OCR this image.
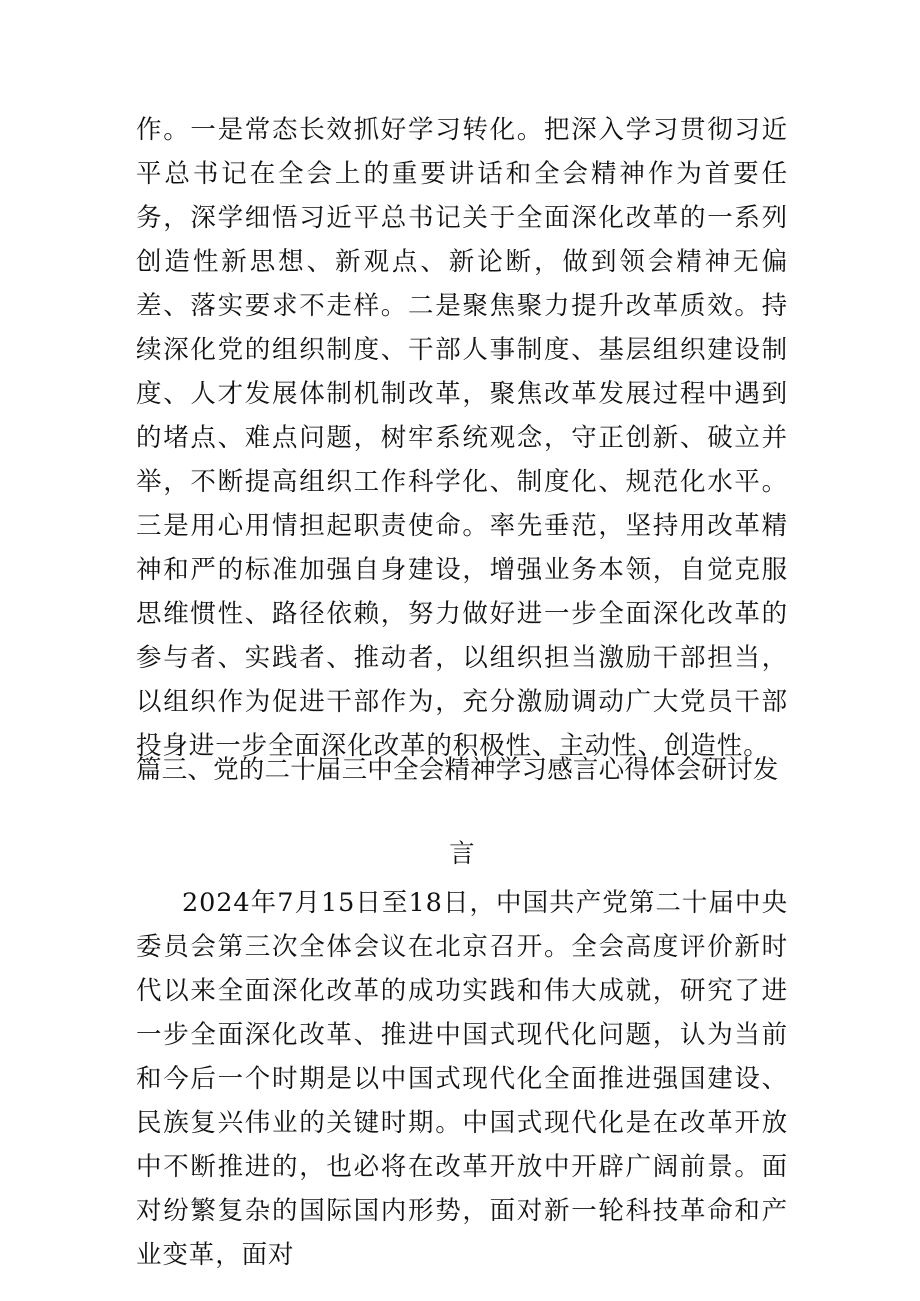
作。一是常态长效抓好学习转化。把深入学习贯彻习近平总书记在全会上的重要讲话和全会精神作为首要任务，深学细悟习近平总书记关于全面深化改革的一系列创造性新思想、新观点、新论断，做到领会精神无偏差、落实要求不走样。二是聚焦聚力提升改革质效。持续深化党的组织制度、干部人事制度、基层组织建设制度、人才发展体制机制改革，聚焦改革发展过程中遇到的堵点、难点问题，树牢系统观念，守正创新、破立并举，不断提高组织工作科学化、制度化、规范化水平。三是用心用情担起职责使命。率先垂范，坚持用改革精神和严的标准加强自身建设，增强业务本领，自觉克服思维惯性、路径依赖，努力做好进一步全面深化改革的参与者、实践者、推动者，以组织担当激励干部担当，以组织作为促进干部作为，充分激励调动广大党员干部投身进一步全面深化改革的积极性、主动性、创造性。

篇三、党的二十届三中全会精神学习感言心得体会研讨发
言

2024年7月15日至18日，中国共产党第二十届中央委员会第三次全体会议在北京召开。全会高度评价新时代以来全面深化改革的成功实践和伟大成就，研究了进一步全面深化改革、推进中国式现代化问题，认为当前和今后一个时期是以中国式现代化全面推进强国建设、民族复兴伟业的关键时期。中国式现代化是在改革开放中不断推进的，也必将在改革开放中开辟广阔前景。面对纷繁复杂的国际国内形势，面对新一轮科技革命和产业变革，面对
